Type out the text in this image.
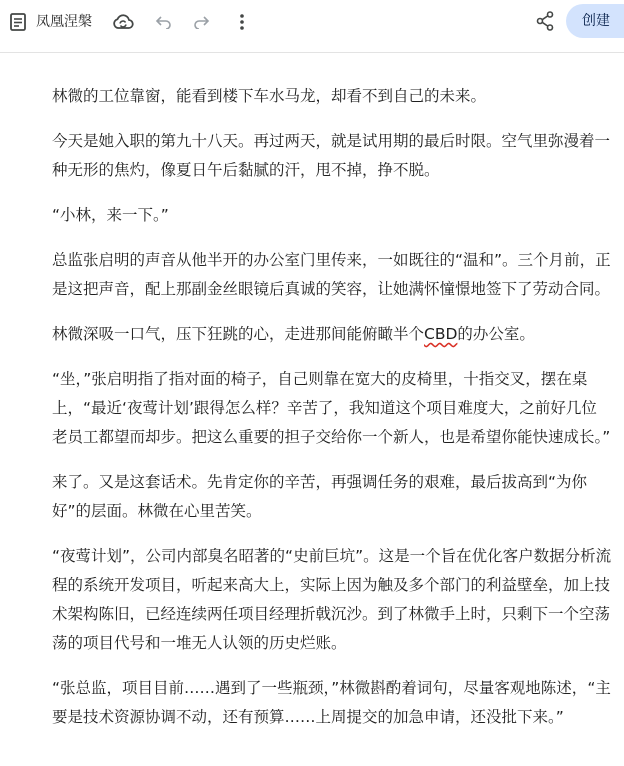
凤凰涅槃	创建

林微的工位靠窗，能看到楼下车水马龙，却看不到自己的未来。

今天是她入职的第九十八天。再过两天，就是试用期的最后时限。空气里弥漫着一种无形的焦灼，像夏日午后黏腻的汗，甩不掉，挣不脱。

“小林，来一下。”

总监张启明的声音从他半开的办公室门里传来，一如既往的“温和”。三个月前，正是这把声音，配上那副金丝眼镜后真诚的笑容，让她满怀憧憬地签下了劳动合同。

林微深吸一口气，压下狂跳的心，走进那间能俯瞰半个CBD的办公室。

“坐，”张启明指了指对面的椅子，自己则靠在宽大的皮椅里，十指交叉，摆在桌上，“最近‘夜莺计划’跟得怎么样？辛苦了，我知道这个项目难度大，之前好几位老员工都望而却步。把这么重要的担子交给你一个新人，也是希望你能快速成长。”

来了。又是这套话术。先肯定你的辛苦，再强调任务的艰难，最后拔高到“为你好”的层面。林微在心里苦笑。

“夜莺计划”，公司内部臭名昭著的“史前巨坑”。这是一个旨在优化客户数据分析流程的系统开发项目，听起来高大上，实际上因为触及多个部门的利益壁垒，加上技术架构陈旧，已经连续两任项目经理折戟沉沙。到了林微手上时，只剩下一个空荡荡的项目代号和一堆无人认领的历史烂账。

“张总监，项目目前……遇到了一些瓶颈，”林微斟酌着词句，尽量客观地陈述，“主要是技术资源协调不动，还有预算……上周提交的加急申请，还没批下来。”
